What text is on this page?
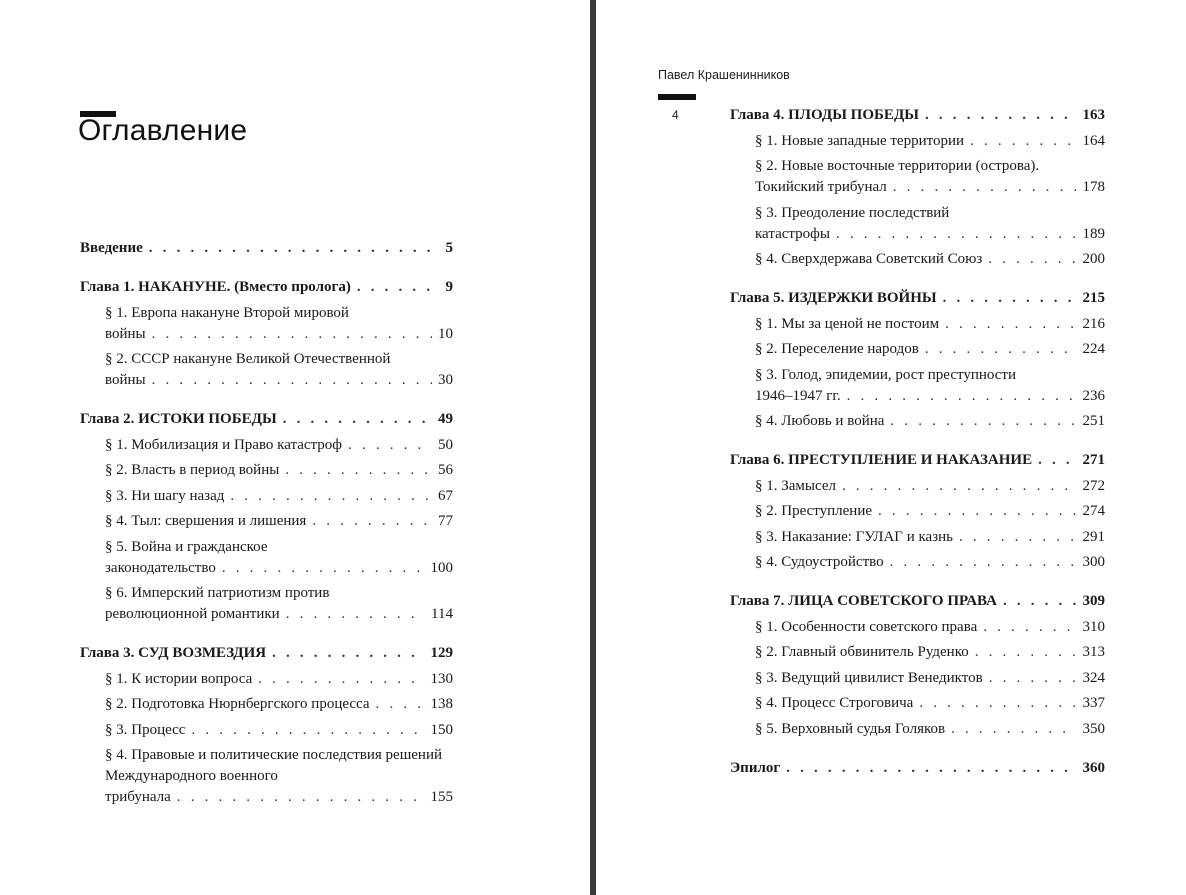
Оглавление
Введение . . .	5
Глава 1. НАКАНУНЕ. (Вместо пролога) . . .	9
§ 1. Европа накануне Второй мировой
войны . . .	10
§ 2. СССР накануне Великой Отечественной
войны . . .	30
Глава 2. ИСТОКИ ПОБЕДЫ . . .	49
§ 1. Мобилизация и Право катастроф . . .	50
§ 2. Власть в период войны . . .	56
§ 3. Ни шагу назад . . .	67
§ 4. Тыл: свершения и лишения . . .	77
§ 5. Война и гражданское
законодательство . . .	100
§ 6. Имперский патриотизм против
революционной романтики . . .	114
Глава 3. СУД ВОЗМЕЗДИЯ . . .	129
§ 1. К истории вопроса . . .	130
§ 2. Подготовка Нюрнбергского процесса . . .	138
§ 3. Процесс . . .	150
§ 4. Правовые и политические последствия решений Международного военного
трибунала . . .	155
Павел Крашенинников
4	Глава 4. ПЛОДЫ ПОБЕДЫ . . .	163
§ 1. Новые западные территории . . .	164
§ 2. Новые восточные территории (острова).
Токийский трибунал . . .	178
§ 3. Преодоление последствий
катастрофы . . .	189
§ 4. Сверхдержава Советский Союз . . .	200
Глава 5. ИЗДЕРЖКИ ВОЙНЫ . . .	215
§ 1. Мы за ценой не постоим . . .	216
§ 2. Переселение народов . . .	224
§ 3. Голод, эпидемии, рост преступности
1946–1947 гг. . . .	236
§ 4. Любовь и война . . .	251
Глава 6. ПРЕСТУПЛЕНИЕ И НАКАЗАНИЕ . . .	271
§ 1. Замысел . . .	272
§ 2. Преступление . . .	274
§ 3. Наказание: ГУЛАГ и казнь . . .	291
§ 4. Судоустройство . . .	300
Глава 7. ЛИЦА СОВЕТСКОГО ПРАВА . . .	309
§ 1. Особенности советского права . . .	310
§ 2. Главный обвинитель Руденко . . .	313
§ 3. Ведущий цивилист Венедиктов . . .	324
§ 4. Процесс Строговича . . .	337
§ 5. Верховный судья Голяков . . .	350
Эпилог . . .	360
